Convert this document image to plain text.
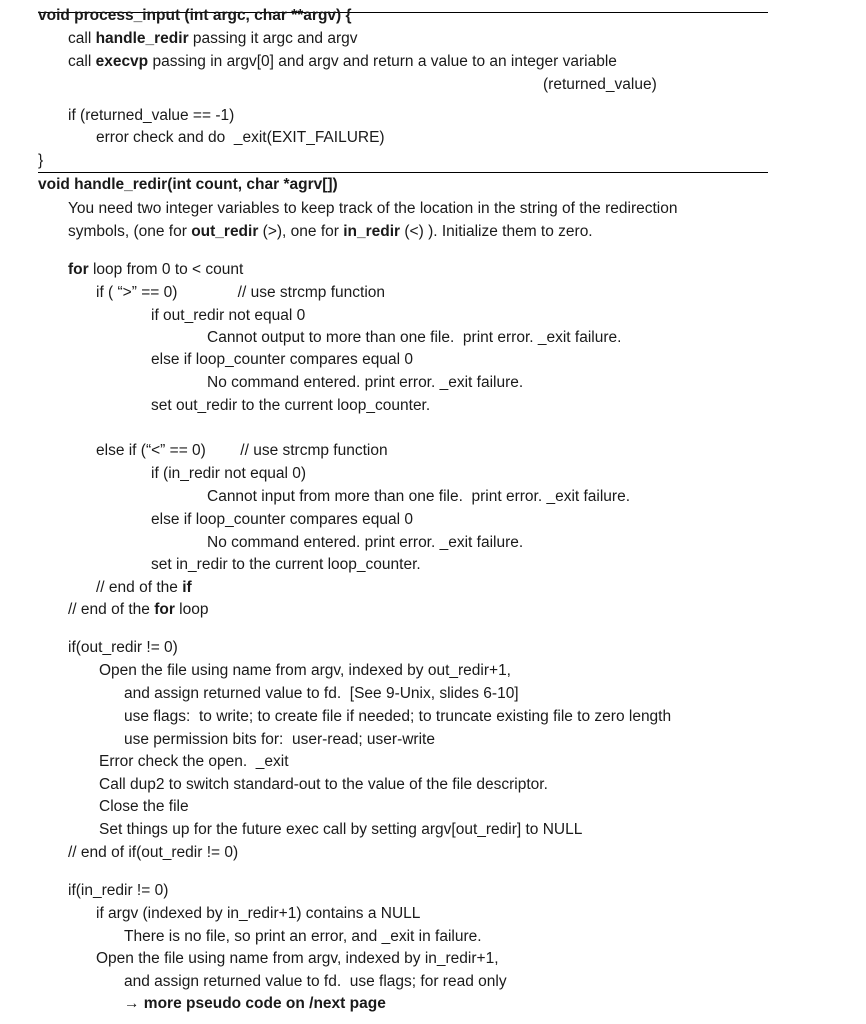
void process_input (int argc, char **argv) {
call handle_redir passing it argc and argv
call execvp passing in argv[0] and argv and return a value to an integer variable
(returned_value)
if (returned_value == -1)
error check and do  _exit(EXIT_FAILURE)
}
void handle_redir(int count, char *agrv[])
You need two integer variables to keep track of the location in the string of the redirection
symbols, (one for out_redir (>), one for in_redir (<) ). Initialize them to zero.
for loop from 0 to < count
if ( “>” == 0)              // use strcmp function
if out_redir not equal 0
Cannot output to more than one file.  print error. _exit failure.
else if loop_counter compares equal 0
No command entered. print error. _exit failure.
set out_redir to the current loop_counter.
else if (“<” == 0)        // use strcmp function
if (in_redir not equal 0)
Cannot input from more than one file.  print error. _exit failure.
else if loop_counter compares equal 0
No command entered. print error. _exit failure.
set in_redir to the current loop_counter.
// end of the if
// end of the for loop
if(out_redir != 0)
Open the file using name from argv, indexed by out_redir+1,
and assign returned value to fd.  [See 9-Unix, slides 6-10]
use flags:  to write; to create file if needed; to truncate existing file to zero length
use permission bits for:  user-read; user-write
Error check the open.  _exit
Call dup2 to switch standard-out to the value of the file descriptor.
Close the file
Set things up for the future exec call by setting argv[out_redir] to NULL
// end of if(out_redir != 0)
if(in_redir != 0)
if argv (indexed by in_redir+1) contains a NULL
There is no file, so print an error, and _exit in failure.
Open the file using name from argv, indexed by in_redir+1,
and assign returned value to fd.  use flags; for read only
→ more pseudo code on /next page
